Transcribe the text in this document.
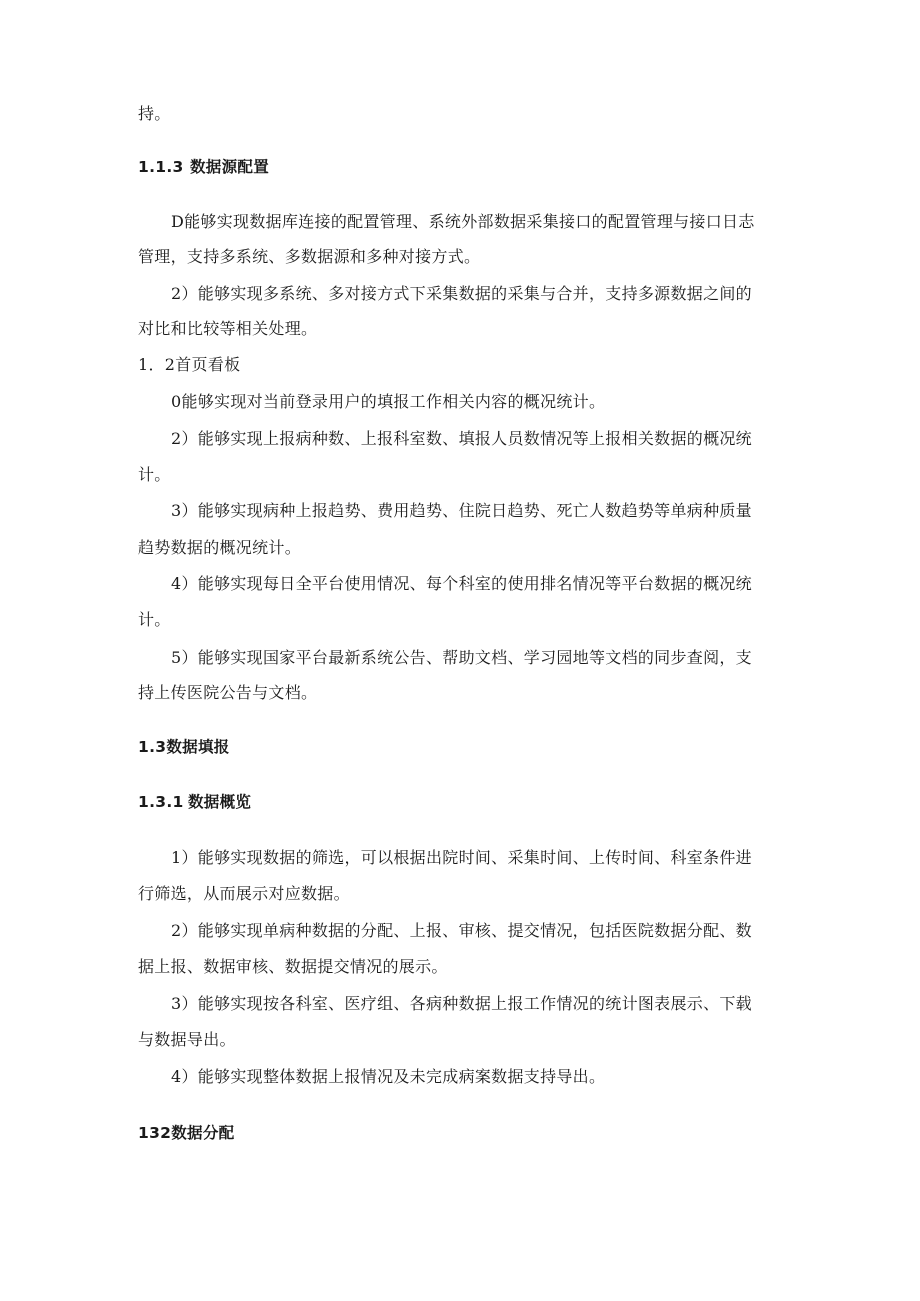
持。
1.1.3 数据源配置
D能够实现数据库连接的配置管理、系统外部数据采集接口的配置管理与接口日志
管理，支持多系统、多数据源和多种对接方式。
2）能够实现多系统、多对接方式下采集数据的采集与合并，支持多源数据之间的
对比和比较等相关处理。
1．2首页看板
0能够实现对当前登录用户的填报工作相关内容的概况统计。
2）能够实现上报病种数、上报科室数、填报人员数情况等上报相关数据的概况统
计。
3）能够实现病种上报趋势、费用趋势、住院日趋势、死亡人数趋势等单病种质量
趋势数据的概况统计。
4）能够实现每日全平台使用情况、每个科室的使用排名情况等平台数据的概况统
计。
5）能够实现国家平台最新系统公告、帮助文档、学习园地等文档的同步查阅，支
持上传医院公告与文档。
1.3数据填报
1.3.1 数据概览
1）能够实现数据的筛选，可以根据出院时间、采集时间、上传时间、科室条件进
行筛选，从而展示对应数据。
2）能够实现单病种数据的分配、上报、审核、提交情况，包括医院数据分配、数
据上报、数据审核、数据提交情况的展示。
3）能够实现按各科室、医疗组、各病种数据上报工作情况的统计图表展示、下载
与数据导出。
4）能够实现整体数据上报情况及未完成病案数据支持导出。
132数据分配
